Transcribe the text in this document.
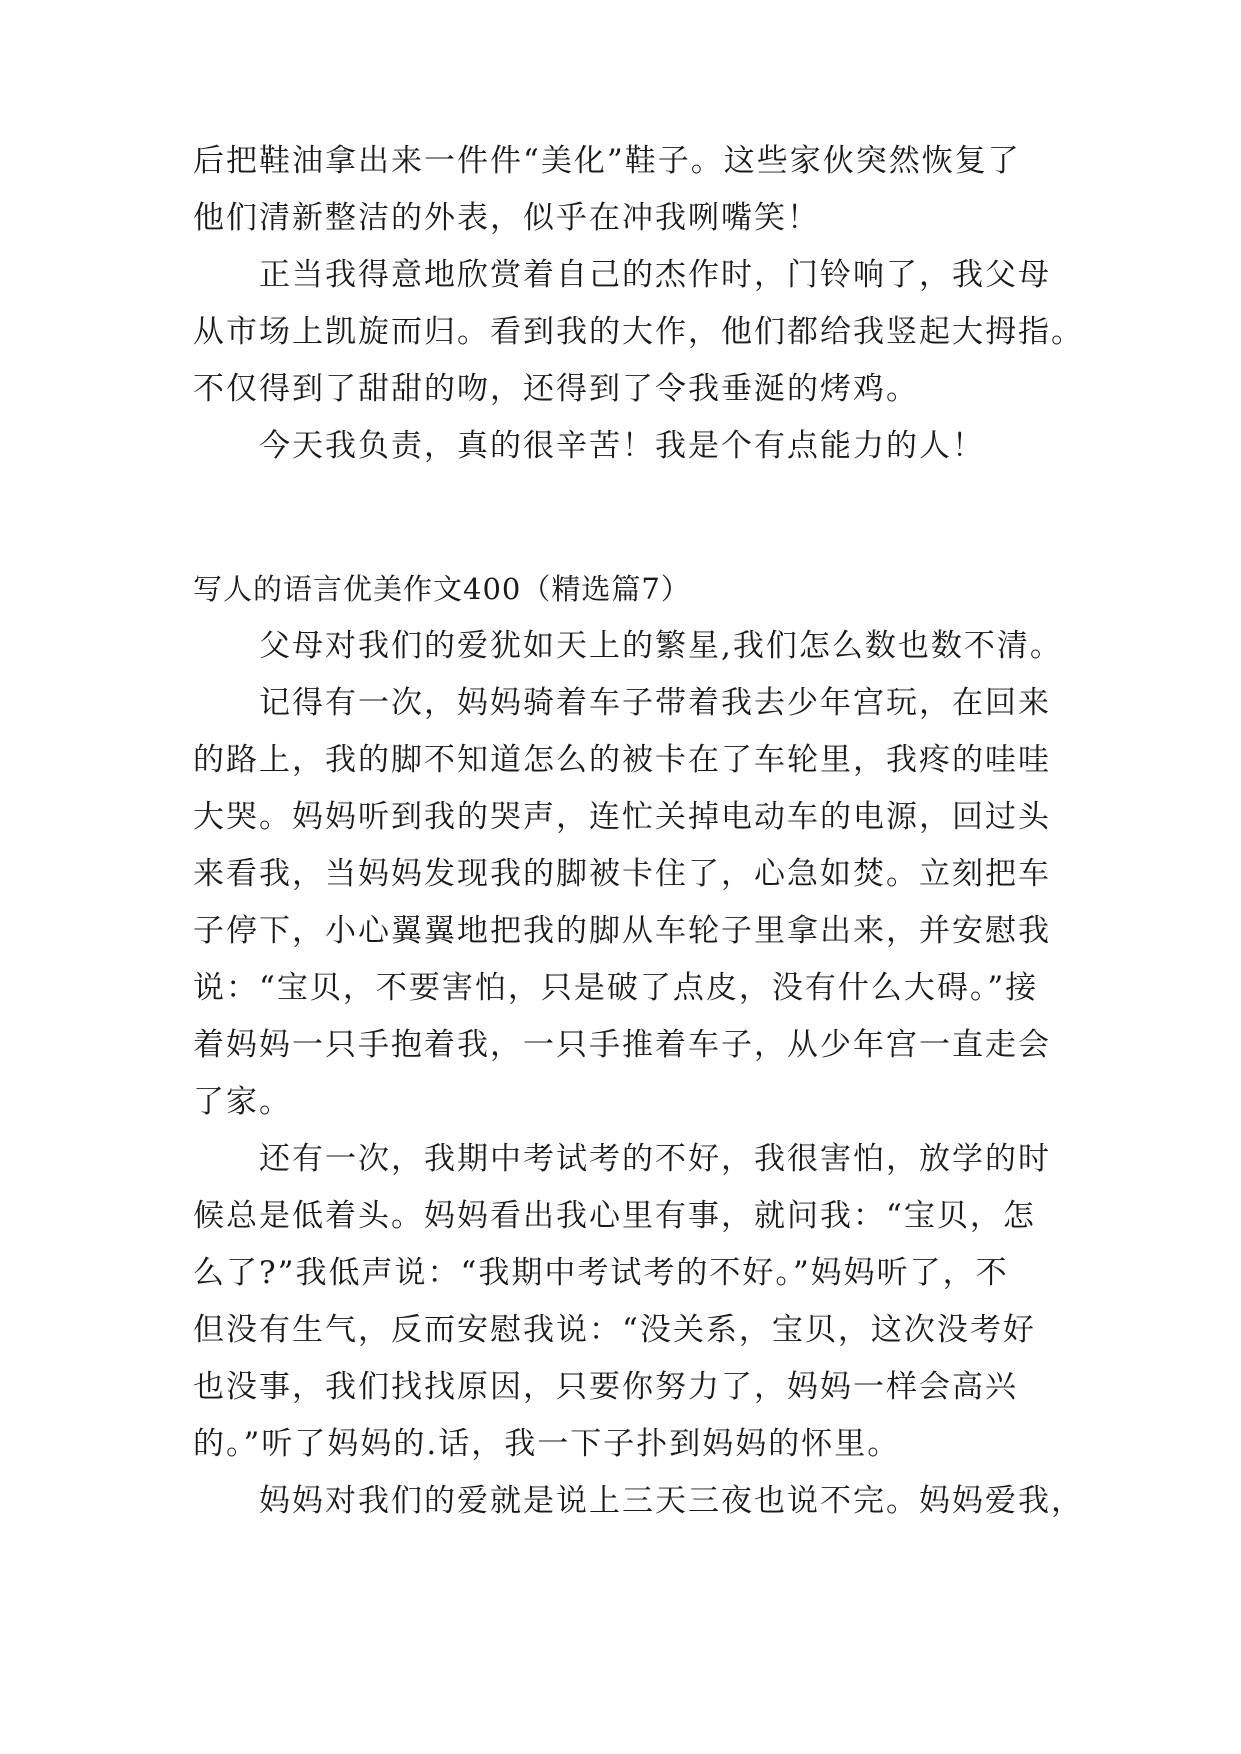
后把鞋油拿出来一件件“美化”鞋子。这些家伙突然恢复了
他们清新整洁的外表，似乎在冲我咧嘴笑！
正当我得意地欣赏着自己的杰作时，门铃响了，我父母
从市场上凯旋而归。看到我的大作，他们都给我竖起大拇指。
不仅得到了甜甜的吻，还得到了令我垂涎的烤鸡。
今天我负责，真的很辛苦！我是个有点能力的人！
写人的语言优美作文400（精选篇7）
父母对我们的爱犹如天上的繁星,我们怎么数也数不清。
记得有一次，妈妈骑着车子带着我去少年宫玩，在回来
的路上，我的脚不知道怎么的被卡在了车轮里，我疼的哇哇
大哭。妈妈听到我的哭声，连忙关掉电动车的电源，回过头
来看我，当妈妈发现我的脚被卡住了，心急如焚。立刻把车
子停下，小心翼翼地把我的脚从车轮子里拿出来，并安慰我
说：“宝贝，不要害怕，只是破了点皮，没有什么大碍。”接
着妈妈一只手抱着我，一只手推着车子，从少年宫一直走会
了家。
还有一次，我期中考试考的不好，我很害怕，放学的时
候总是低着头。妈妈看出我心里有事，就问我：“宝贝，怎
么了?”我低声说：“我期中考试考的不好。”妈妈听了，不
但没有生气，反而安慰我说：“没关系，宝贝，这次没考好
也没事，我们找找原因，只要你努力了，妈妈一样会高兴
的。”听了妈妈的.话，我一下子扑到妈妈的怀里。
妈妈对我们的爱就是说上三天三夜也说不完。妈妈爱我，
